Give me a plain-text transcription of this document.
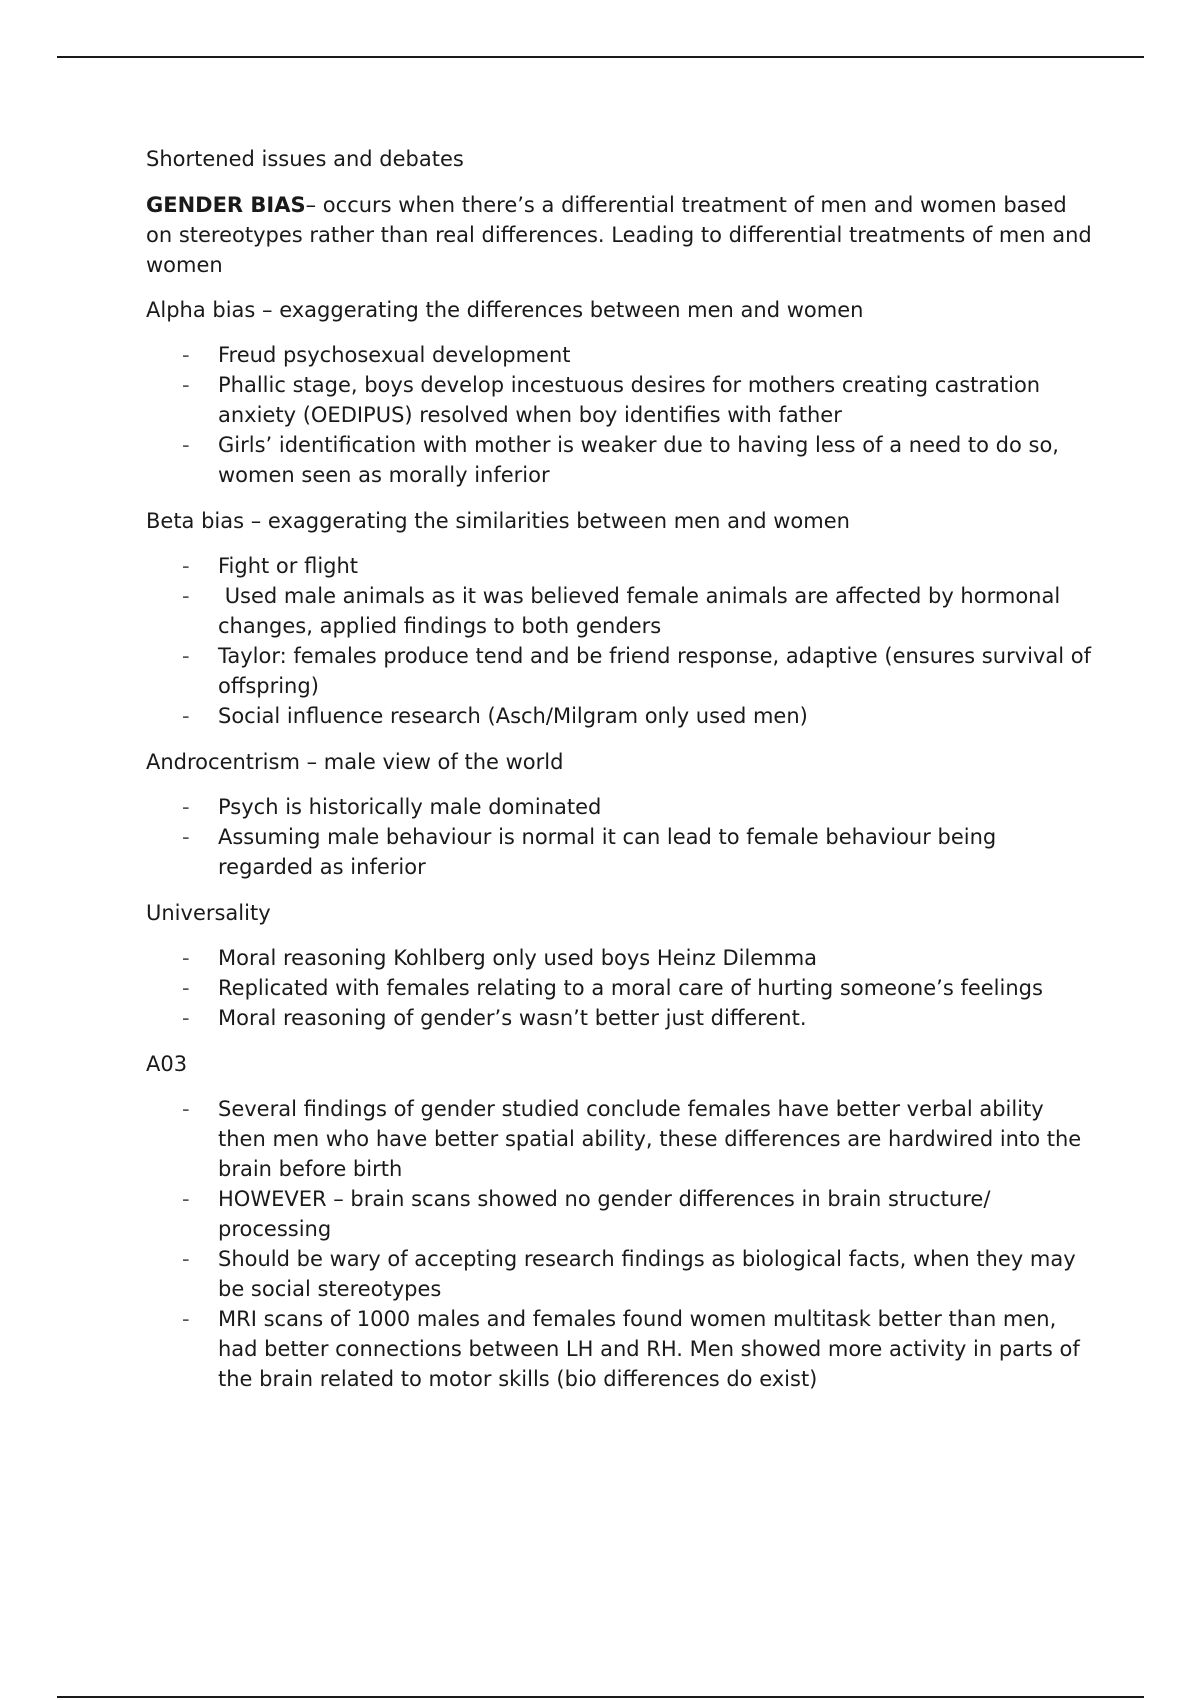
Shortened issues and debates

GENDER BIAS– occurs when there’s a differential treatment of men and women based on stereotypes rather than real differences. Leading to differential treatments of men and women

Alpha bias – exaggerating the differences between men and women

- Freud psychosexual development
- Phallic stage, boys develop incestuous desires for mothers creating castration anxiety (OEDIPUS) resolved when boy identifies with father
- Girls’ identification with mother is weaker due to having less of a need to do so, women seen as morally inferior

Beta bias – exaggerating the similarities between men and women

- Fight or flight
- Used male animals as it was believed female animals are affected by hormonal changes, applied findings to both genders
- Taylor: females produce tend and be friend response, adaptive (ensures survival of offspring)
- Social influence research (Asch/Milgram only used men)

Androcentrism – male view of the world

- Psych is historically male dominated
- Assuming male behaviour is normal it can lead to female behaviour being regarded as inferior

Universality

- Moral reasoning Kohlberg only used boys Heinz Dilemma
- Replicated with females relating to a moral care of hurting someone’s feelings
- Moral reasoning of gender’s wasn’t better just different.

A03

- Several findings of gender studied conclude females have better verbal ability then men who have better spatial ability, these differences are hardwired into the brain before birth
- HOWEVER – brain scans showed no gender differences in brain structure/ processing
- Should be wary of accepting research findings as biological facts, when they may be social stereotypes
- MRI scans of 1000 males and females found women multitask better than men, had better connections between LH and RH. Men showed more activity in parts of the brain related to motor skills (bio differences do exist)
